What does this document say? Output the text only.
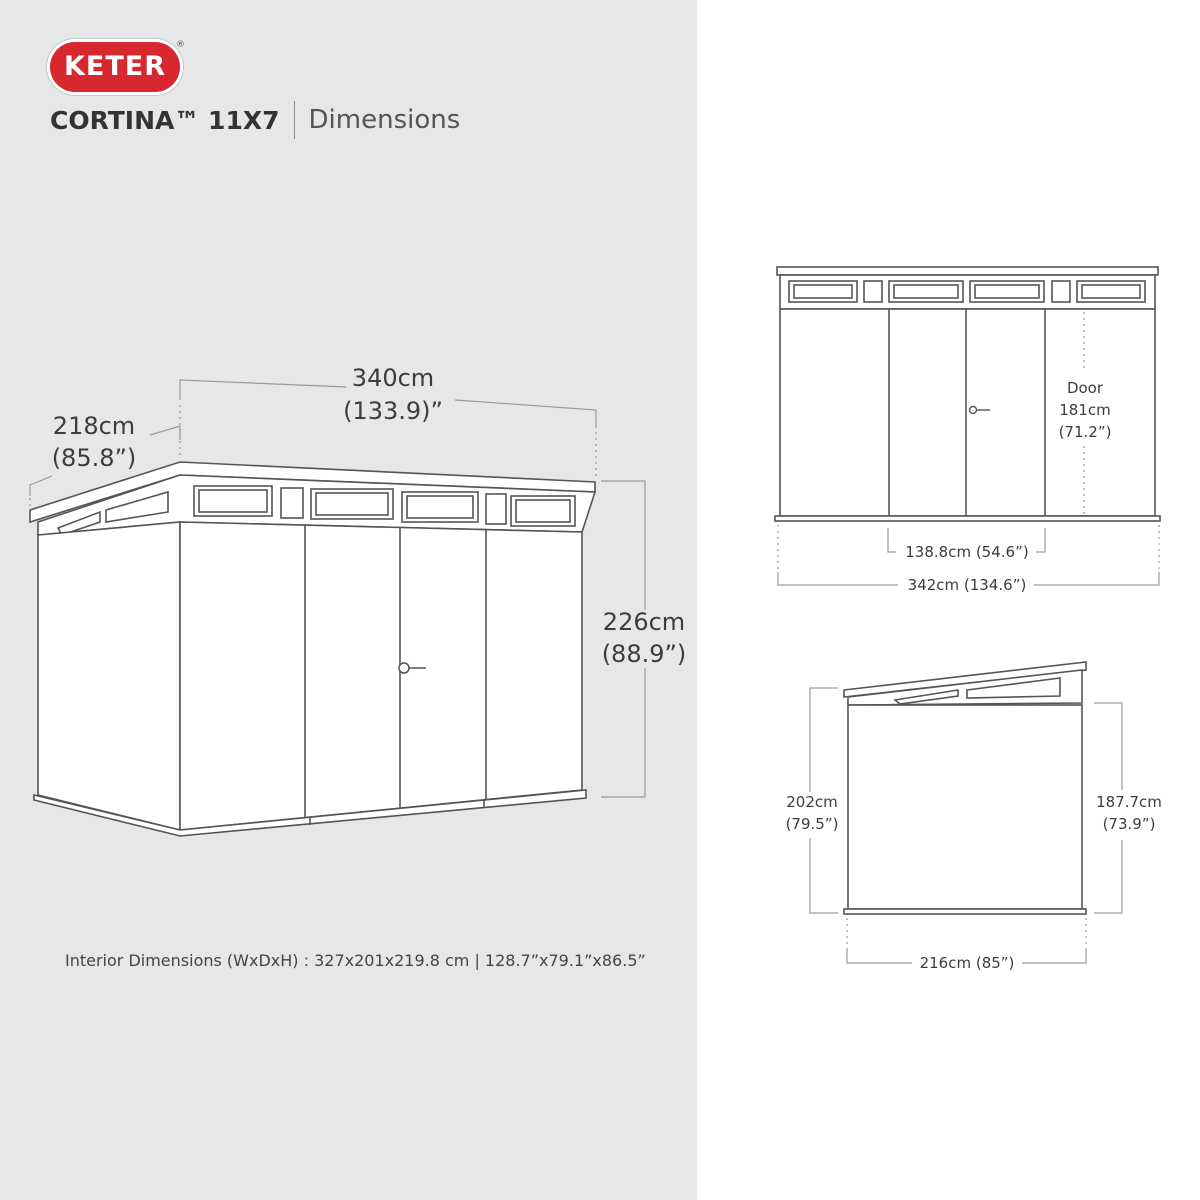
KETER
®
CORTINA™ 11X7 Dimensions
340cm
(133.9)”
218cm
(85.8”)
226cm
(88.9”)
Door
181cm
(71.2”)
138.8cm (54.6”)
342cm (134.6”)
202cm
(79.5”)
187.7cm
(73.9”)
216cm (85”)
Interior Dimensions (WxDxH) : 327x201x219.8 cm | 128.7”x79.1”x86.5”
